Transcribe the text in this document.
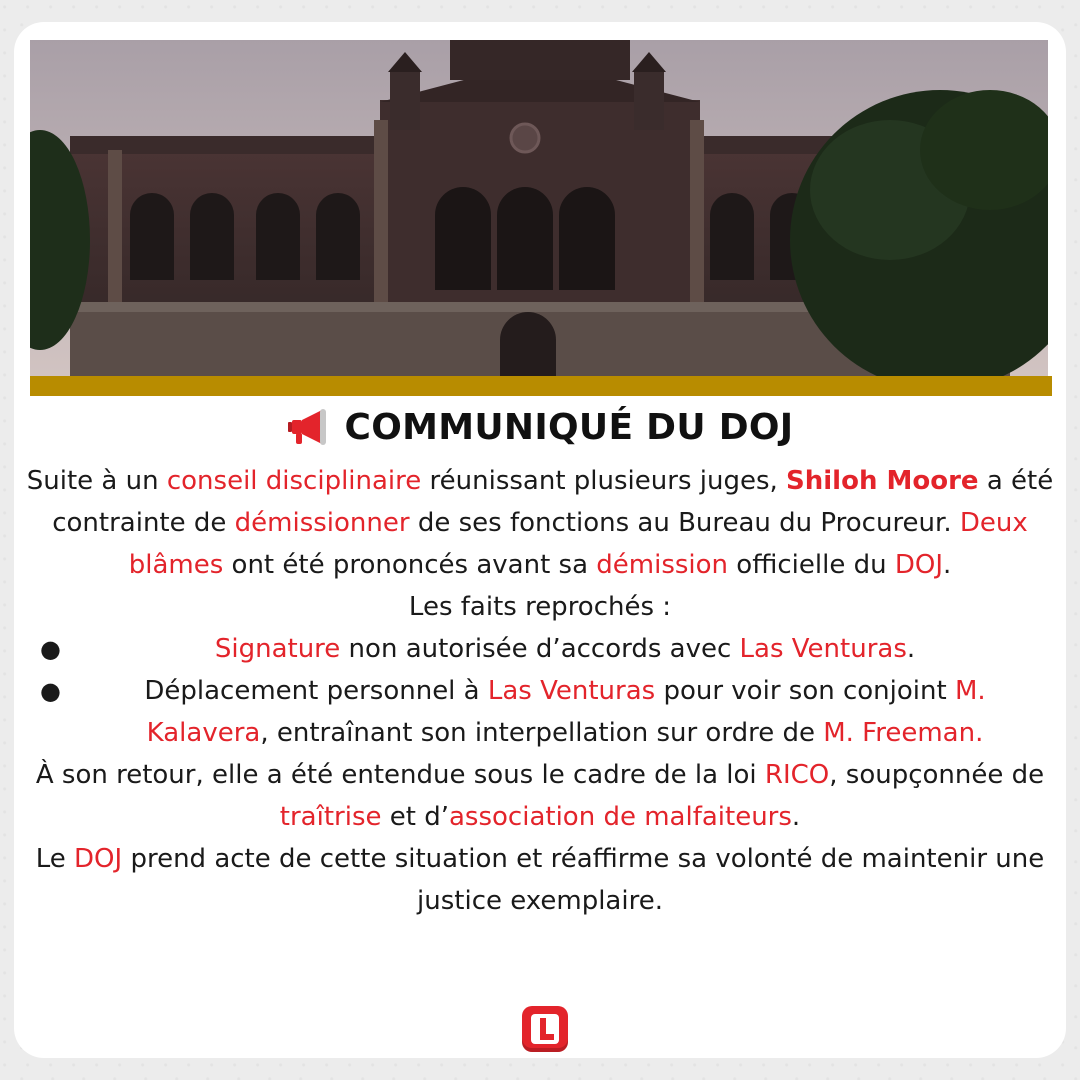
COMMUNIQUÉ DU DOJ
Suite à un conseil disciplinaire réunissant plusieurs juges, Shiloh Moore a été contrainte de démissionner de ses fonctions au Bureau du Procureur. Deux blâmes ont été prononcés avant sa démission officielle du DOJ.
Les faits reprochés :
●	Signature non autorisée d’accords avec Las Venturas.
●	Déplacement personnel à Las Venturas pour voir son conjoint M. Kalavera, entraînant son interpellation sur ordre de M. Freeman.
À son retour, elle a été entendue sous le cadre de la loi RICO, soupçonnée de traîtrise et d’association de malfaiteurs.
Le DOJ prend acte de cette situation et réaffirme sa volonté de maintenir une justice exemplaire.
